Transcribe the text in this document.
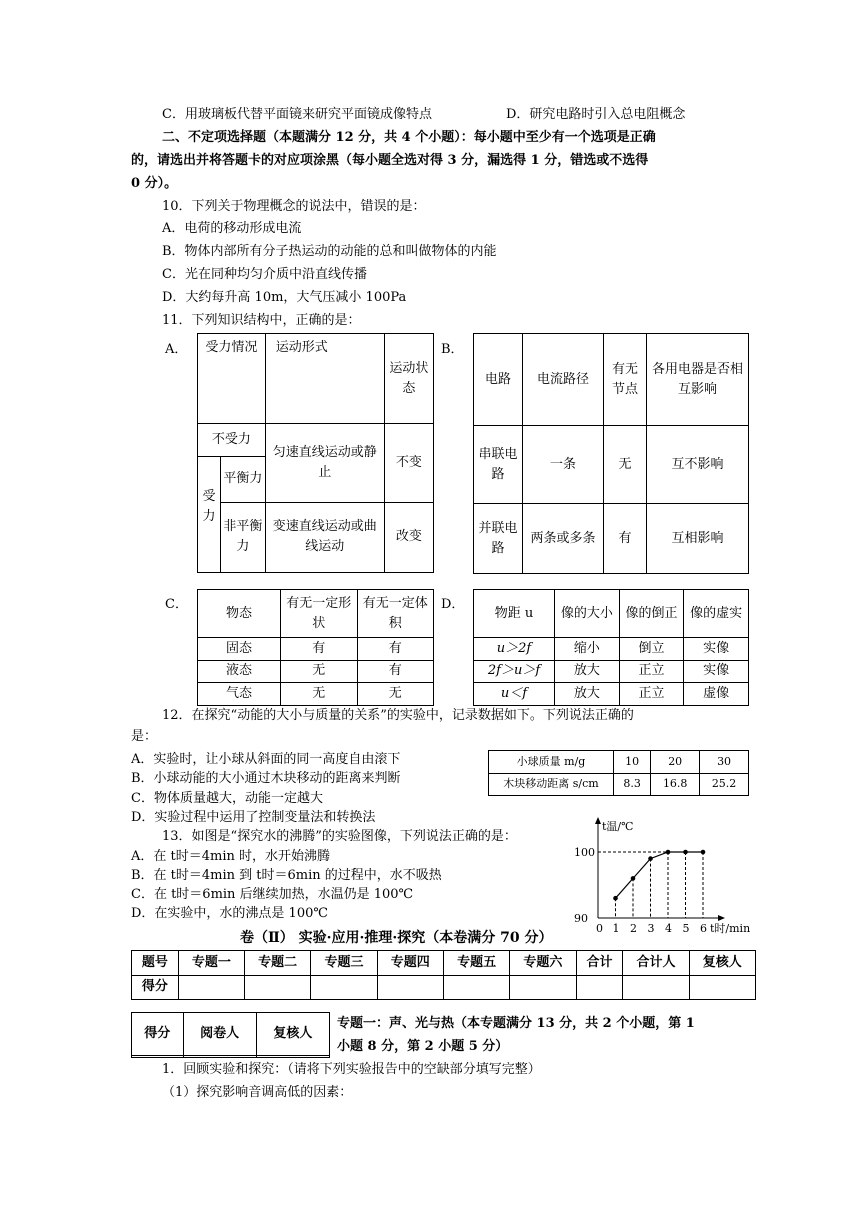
C．用玻璃板代替平面镜来研究平面镜成像特点	D．研究电路时引入总电阻概念
二、不定项选择题（本题满分 12 分，共 4 个小题）：每小题中至少有一个选项是正确
的，请选出并将答题卡的对应项涂黑（每小题全选对得 3 分，漏选得 1 分，错选或不选得
0 分）。
10．下列关于物理概念的说法中，错误的是：
A．电荷的移动形成电流
B．物体内部所有分子热运动的动能的总和叫做物体的内能
C．光在同种均匀介质中沿直线传播
D．大约每升高 10m，大气压减小 100Pa
11．下列知识结构中，正确的是：
A． 受力情况		运动形式	运动状态
不受力		匀速直线运动或静止	不变
受力	平衡力		
	非平衡力	变速直线运动或曲线运动	改变
B．
电路	电流路径	有无节点	各用电器是否相互影响
串联电路	一条	无	互不影响
并联电路	两条或多条	有	互相影响
C．
物态	有无一定形状	有无一定体积
固态	有	有
液态	无	有
气态	无	无
D．
物距 u	像的大小	像的倒正	像的虚实
u＞2f	缩小	倒立	实像
2f＞u＞f	放大	正立	实像
u＜f	放大	正立	虚像
12．在探究“动能的大小与质量的关系”的实验中，记录数据如下。下列说法正确的
是：
A．实验时，让小球从斜面的同一高度自由滚下
B．小球动能的大小通过木块移动的距离来判断
C．物体质量越大，动能一定越大
D．实验过程中运用了控制变量法和转换法
小球质量 m/g	10	20	30
木块移动距离 s/cm	8.3	16.8	25.2
13．如图是“探究水的沸腾”的实验图像，下列说法正确的是：
A．在 t时＝4min 时，水开始沸腾
B．在 t时＝4min 到 t时＝6min 的过程中，水不吸热
C．在 t时＝6min 后继续加热，水温仍是 100℃
D．在实验中，水的沸点是 100℃
t温/℃
t时/min
0 1 2 3 4 5 6
90
100
卷（Ⅱ） 实验·应用·推理·探究（本卷满分 70 分）
题号	专题一	专题二	专题三	专题四	专题五	专题六	合计	合计人	复核人
得分									
得分	阅卷人	复核人

专题一：声、光与热（本专题满分 13 分，共 2 个小题，第 1
小题 8 分，第 2 小题 5 分）
1．回顾实验和探究：（请将下列实验报告中的空缺部分填写完整）
（1）探究影响音调高低的因素：
